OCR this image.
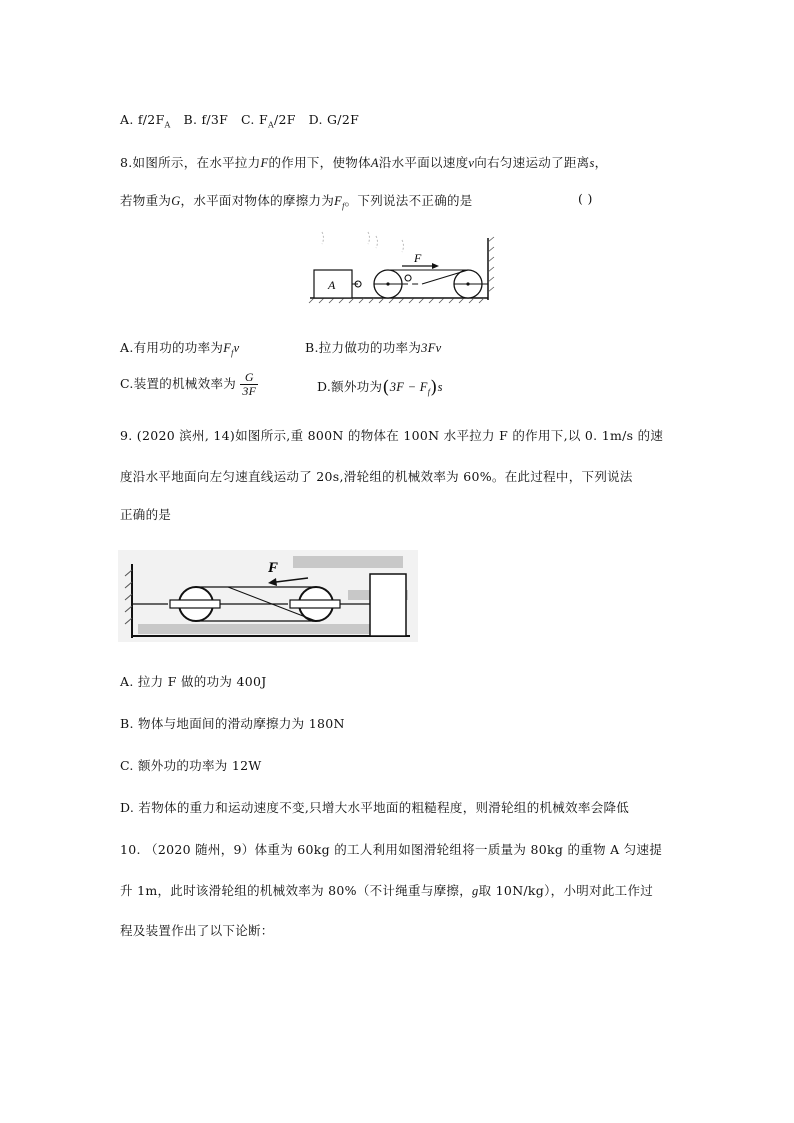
A. $f/2F_A$ B. f/3F C. $F_A/2F$ D. G/2F
8.如图所示，在水平拉力F的作用下，使物体A沿水平面以速度v向右匀速运动了距离s，
若物重为G，水平面对物体的摩擦力为$F_f$。下列说法不正确的是	( )
A
F
A.有用功的功率为$F_fv$	B.拉力做功的功率为3Fv
C.装置的机械效率为 $\frac{G}{3F}$	D.额外功为$(3F - F_f)s$
9. (2020 滨州, 14)如图所示,重 800N 的物体在 100N 水平拉力 F 的作用下,以 0. 1m/s 的速
度沿水平地面向左匀速直线运动了 20s,滑轮组的机械效率为 60%。在此过程中，下列说法
正确的是
F
A. 拉力 F 做的功为 400J
B. 物体与地面间的滑动摩擦力为 180N
C. 额外功的功率为 12W
D. 若物体的重力和运动速度不变,只增大水平地面的粗糙程度，则滑轮组的机械效率会降低
10. （2020 随州，9）体重为 60kg 的工人利用如图滑轮组将一质量为 80kg 的重物 A 匀速提
升 1m，此时该滑轮组的机械效率为 80%（不计绳重与摩擦，g取 10N/kg），小明对此工作过
程及装置作出了以下论断：
